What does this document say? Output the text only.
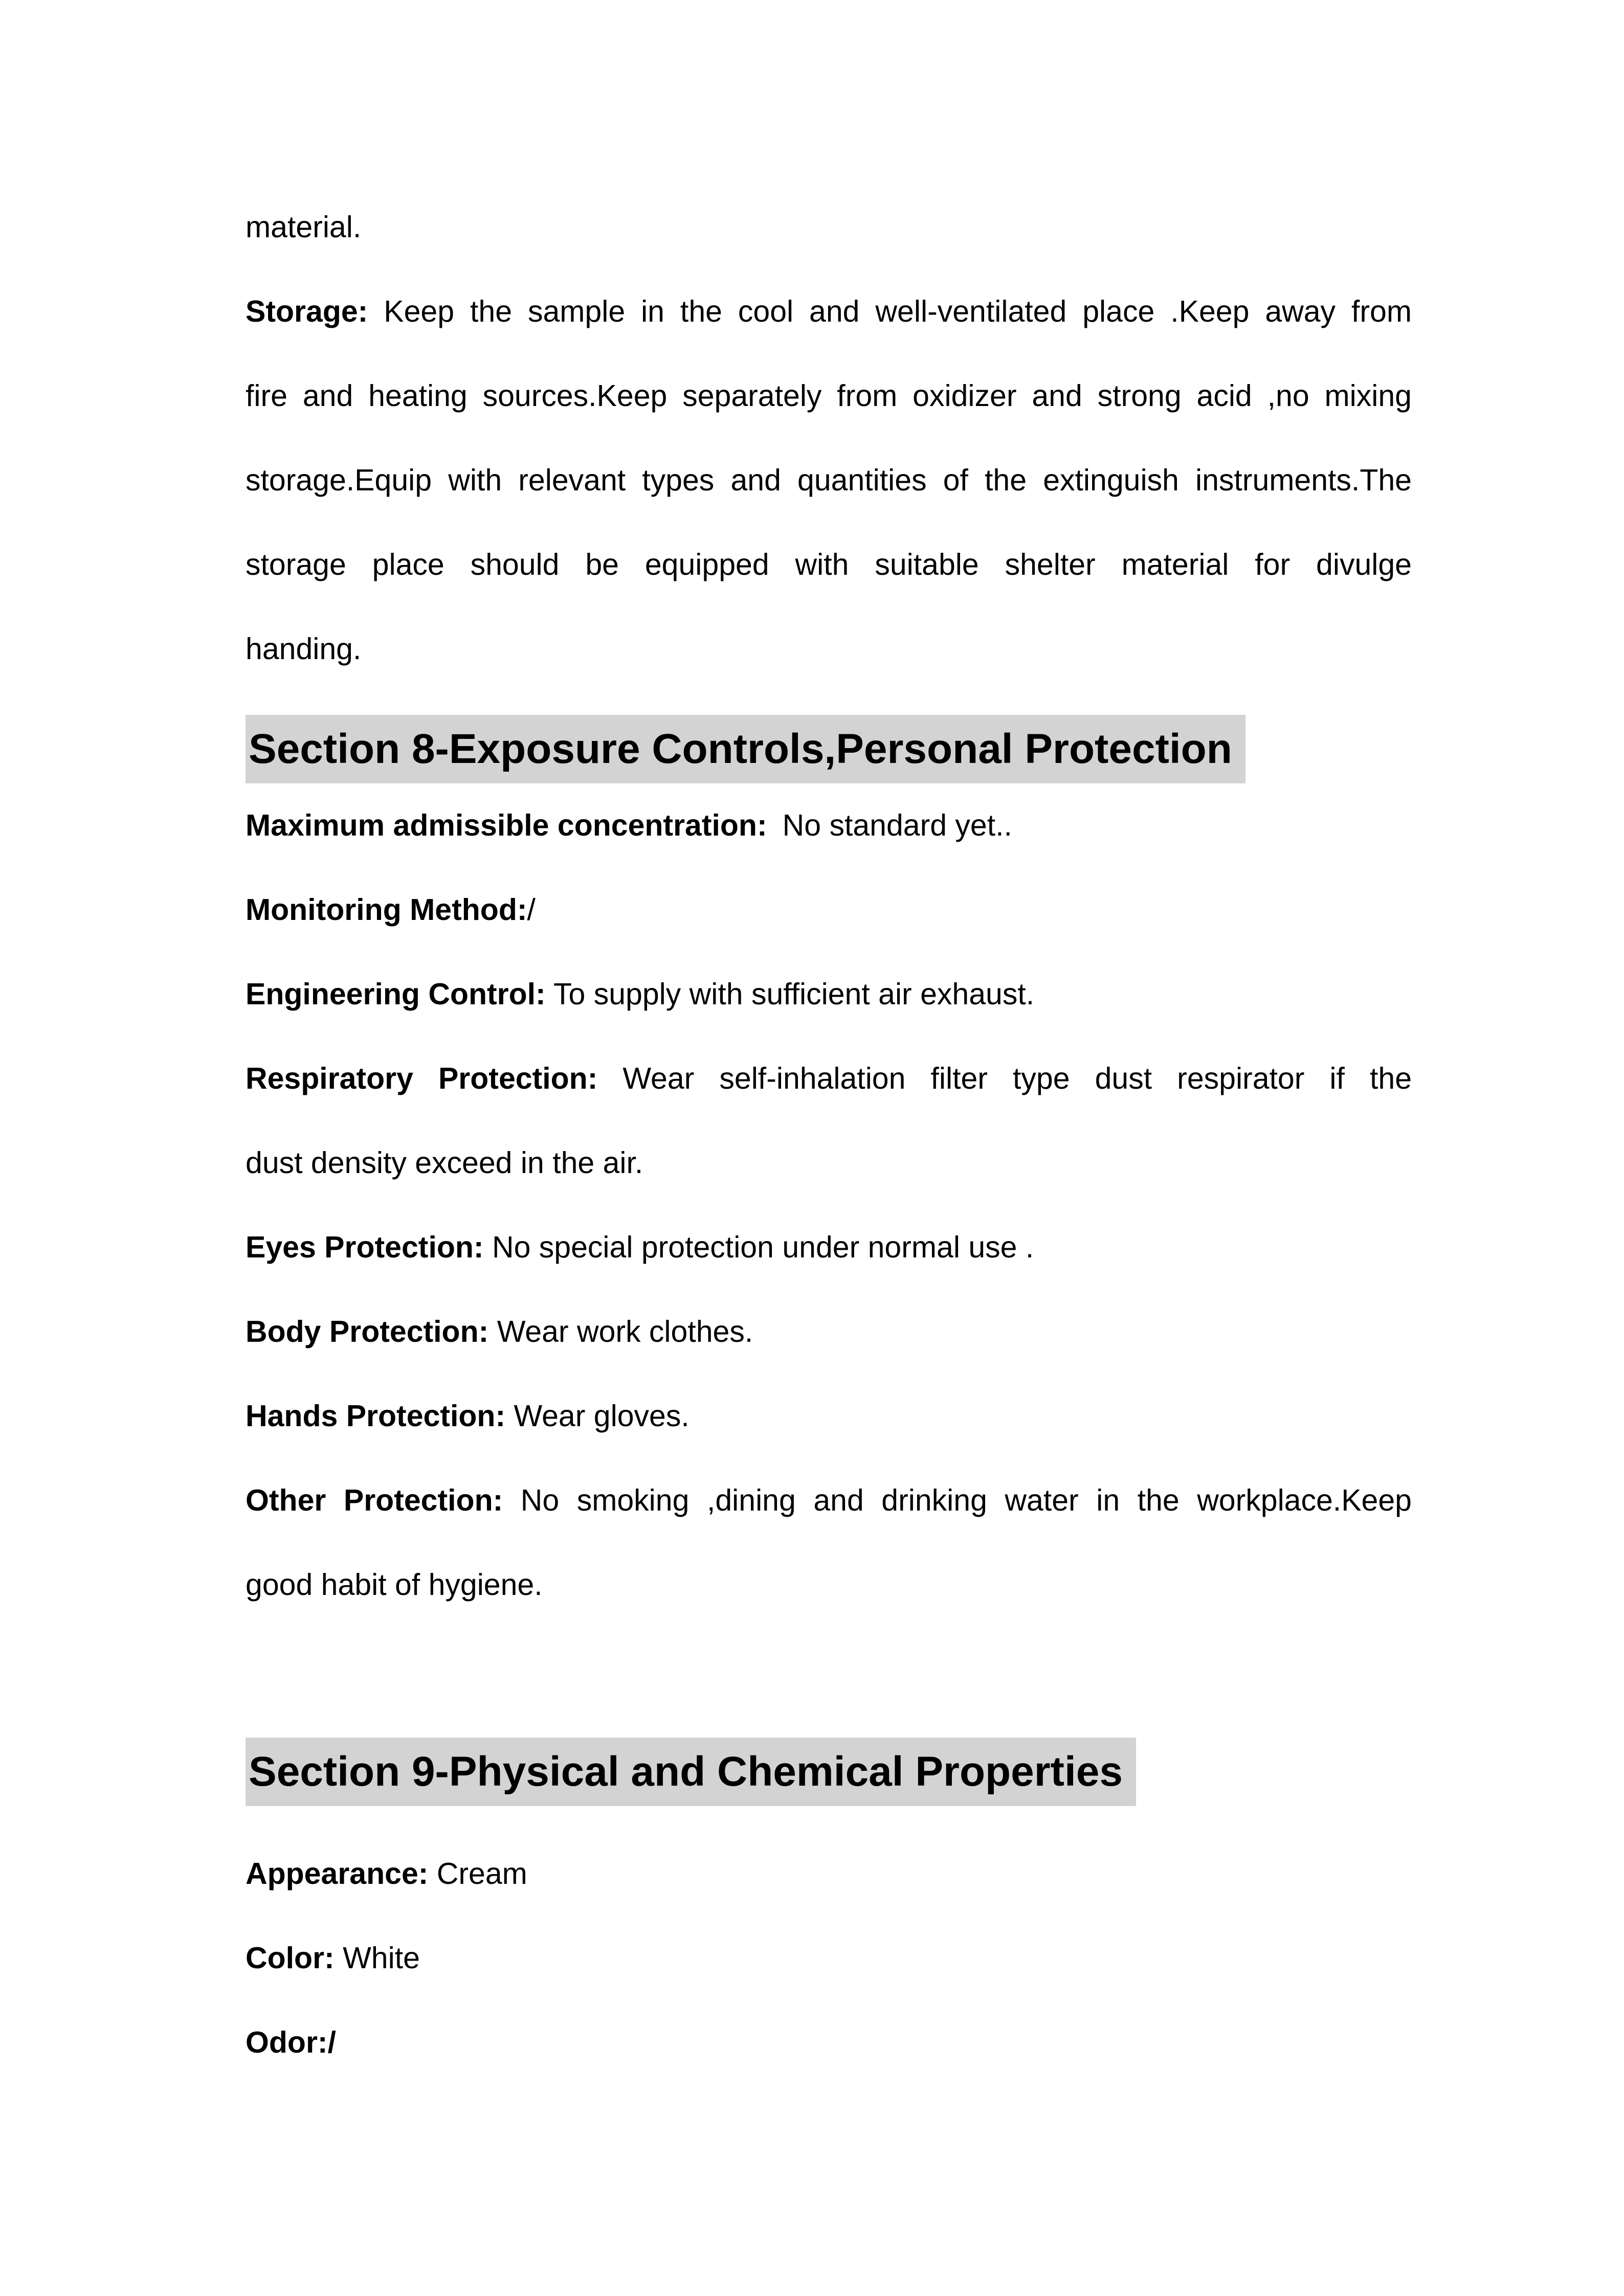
material.

Storage: Keep the sample in the cool and well-ventilated place .Keep away from
fire and heating sources.Keep separately from oxidizer and strong acid ,no mixing
storage.Equip with relevant types and quantities of the extinguish instruments.The
storage place should be equipped with suitable shelter material for divulge
handing.

Section 8-Exposure Controls,Personal Protection

Maximum admissible concentration: No standard yet..

Monitoring Method:/

Engineering Control: To supply with sufficient air exhaust.

Respiratory Protection: Wear self-inhalation filter type dust respirator if the
dust density exceed in the air.

Eyes Protection: No special protection under normal use .

Body Protection: Wear work clothes.

Hands Protection: Wear gloves.

Other Protection: No smoking ,dining and drinking water in the workplace.Keep
good habit of hygiene.

Section 9-Physical and Chemical Properties

Appearance: Cream

Color: White

Odor:/
